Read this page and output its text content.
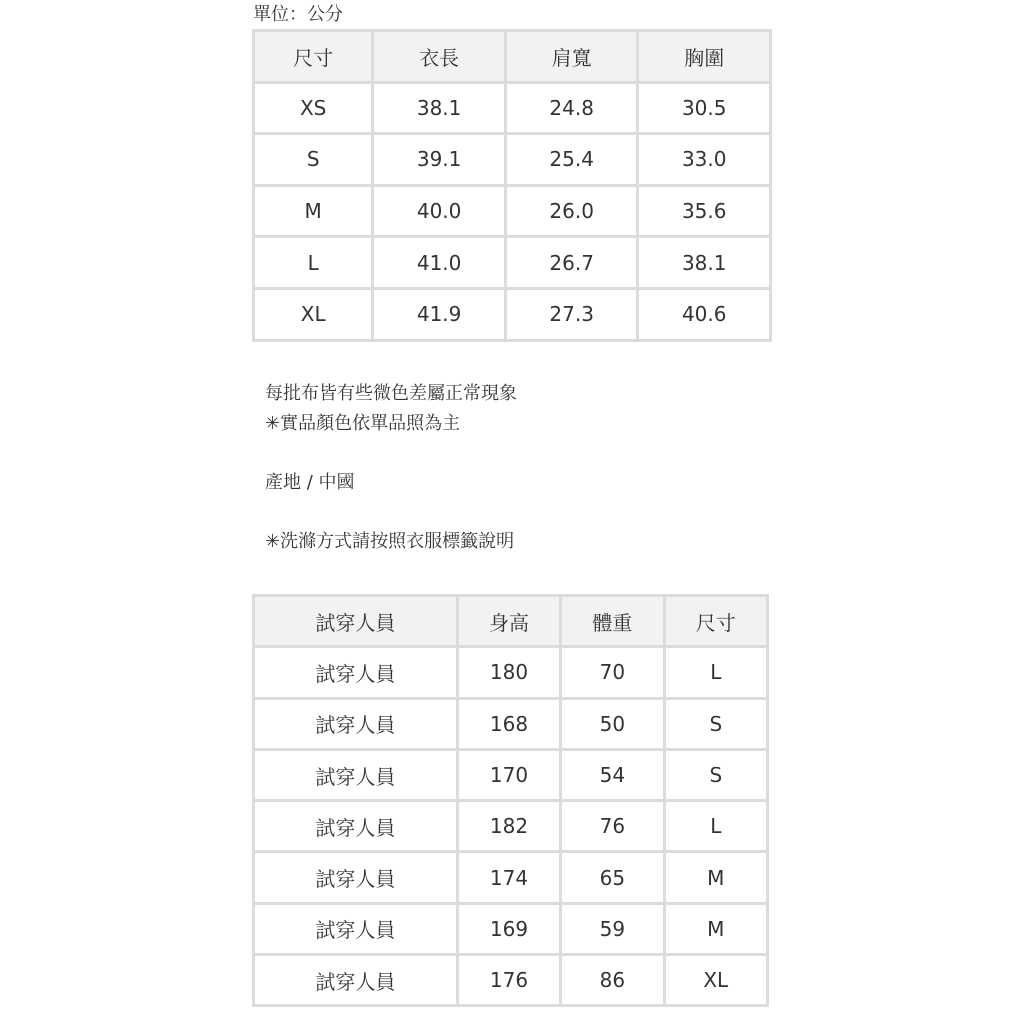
單位：公分
尺寸	衣長	肩寬	胸圍
XS	38.1	24.8	30.5
S	39.1	25.4	33.0
M	40.0	26.0	35.6
L	41.0	26.7	38.1
XL	41.9	27.3	40.6
每批布皆有些微色差屬正常現象
✳實品顏色依單品照為主
產地 / 中國
✳洗滌方式請按照衣服標籤說明
試穿人員	身高	體重	尺寸
試穿人員	180	70	L
試穿人員	168	50	S
試穿人員	170	54	S
試穿人員	182	76	L
試穿人員	174	65	M
試穿人員	169	59	M
試穿人員	176	86	XL
